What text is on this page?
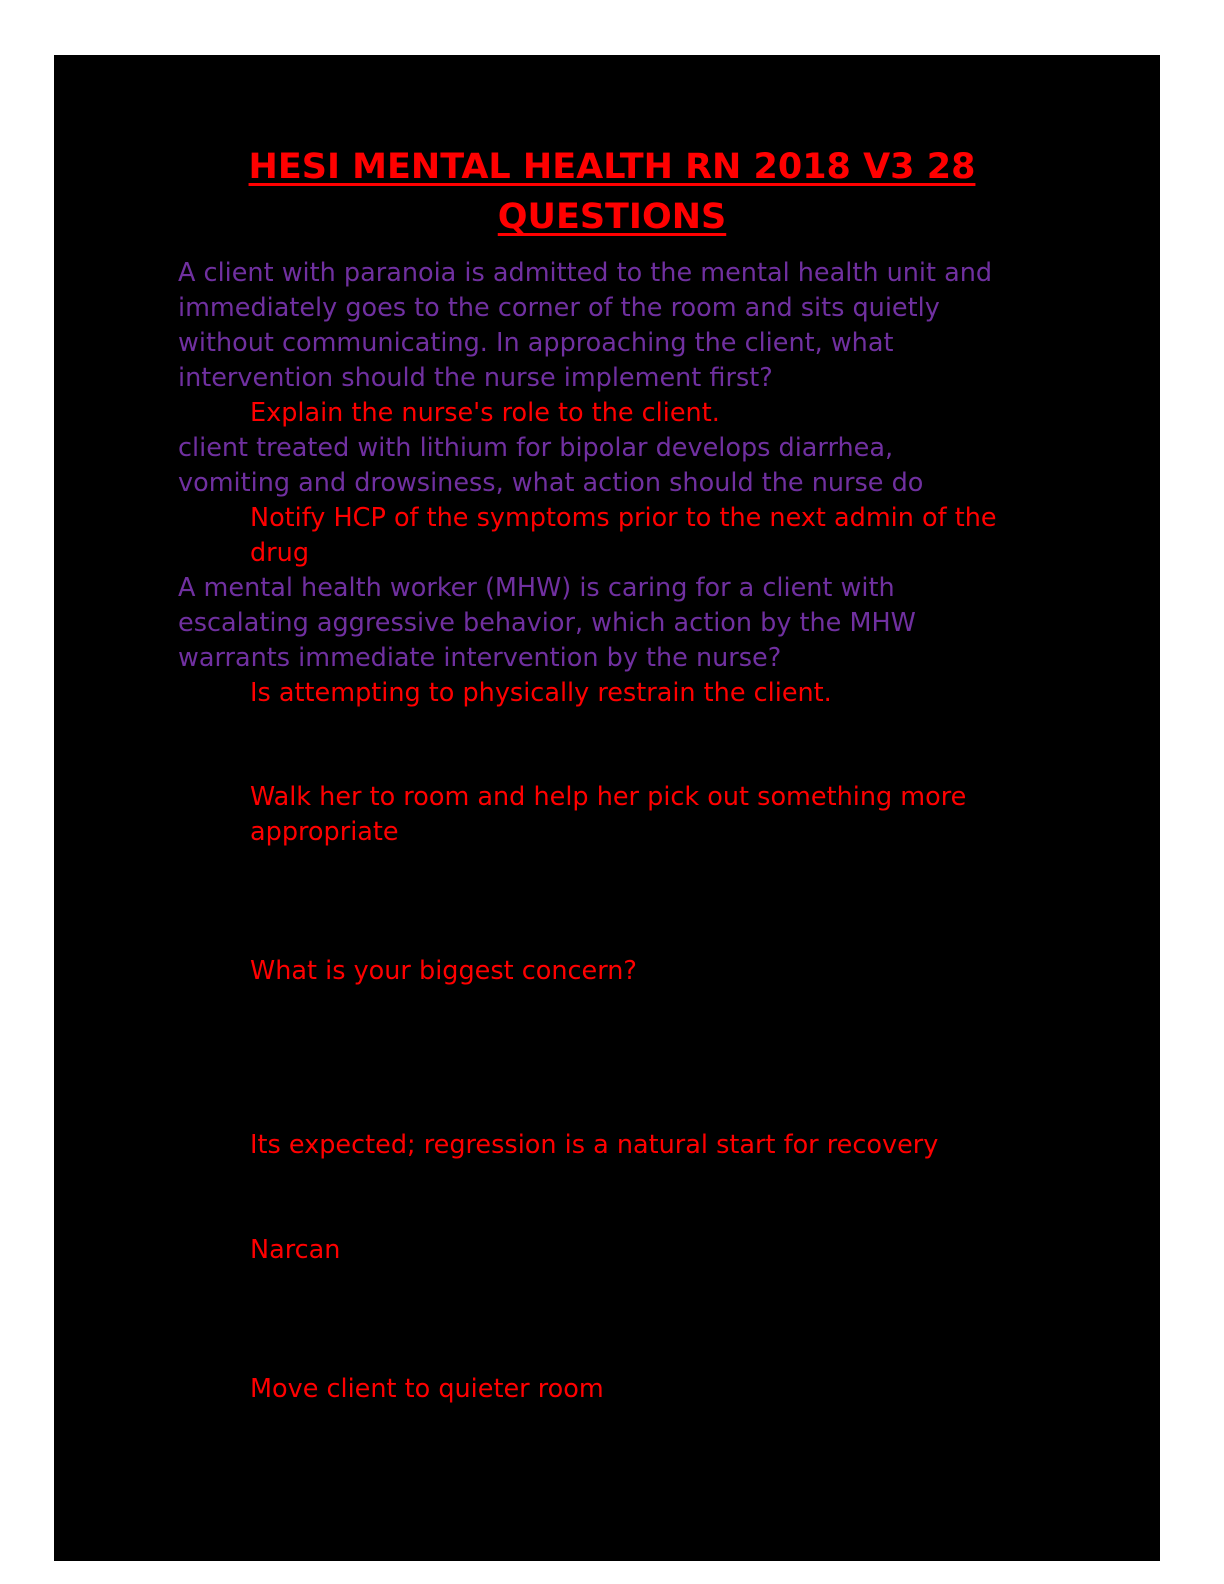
HESI MENTAL HEALTH RN 2018 V3 28
QUESTIONS
A client with paranoia is admitted to the mental health unit and
immediately goes to the corner of the room and sits quietly
without communicating. In approaching the client, what
intervention should the nurse implement first?
Explain the nurse's role to the client.
client treated with lithium for bipolar develops diarrhea,
vomiting and drowsiness, what action should the nurse do
Notify HCP of the symptoms prior to the next admin of the
drug
A mental health worker (MHW) is caring for a client with
escalating aggressive behavior, which action by the MHW
warrants immediate intervention by the nurse?
Is attempting to physically restrain the client.
Walk her to room and help her pick out something more
appropriate
What is your biggest concern?
Its expected; regression is a natural start for recovery
Narcan
Move client to quieter room
